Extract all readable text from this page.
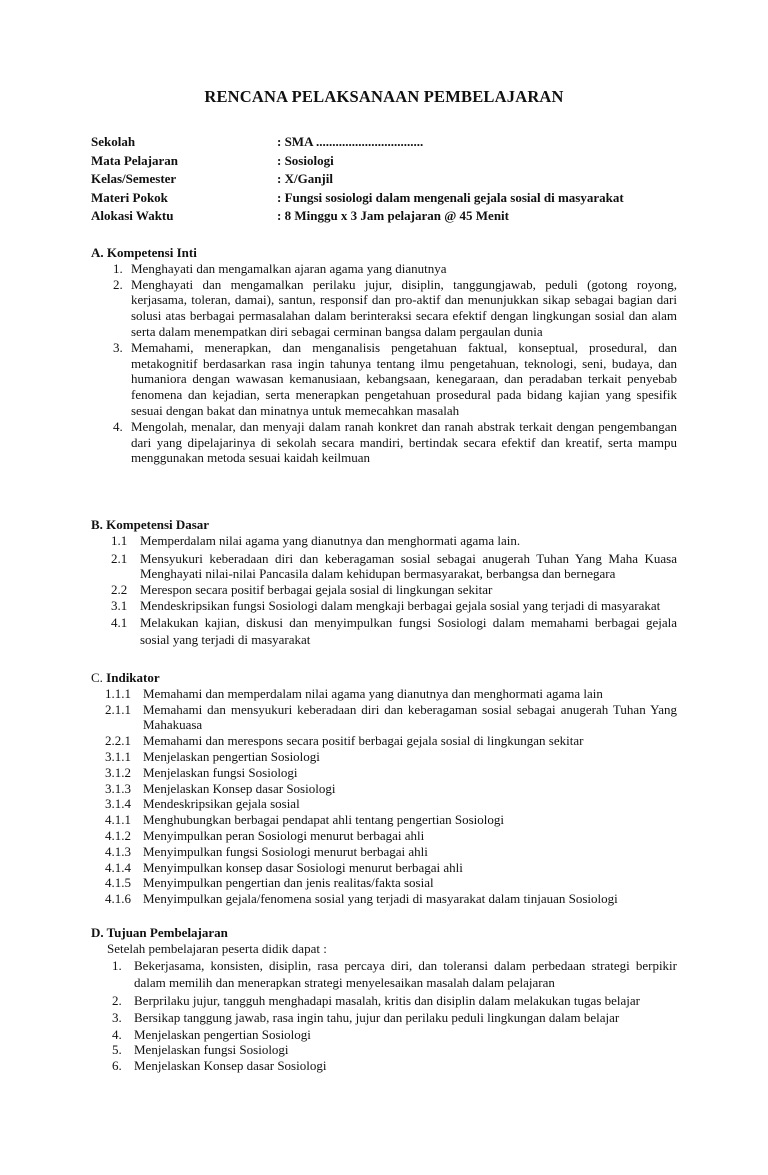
RENCANA PELAKSANAAN PEMBELAJARAN
Sekolah	: SMA .................................
Mata Pelajaran	: Sosiologi
Kelas/Semester	: X/Ganjil
Materi Pokok	: Fungsi sosiologi dalam mengenali gejala sosial di masyarakat
Alokasi Waktu	: 8 Minggu x 3 Jam pelajaran @ 45 Menit
A. Kompetensi Inti
1. Menghayati dan mengamalkan ajaran agama yang dianutnya
2. Menghayati dan mengamalkan perilaku jujur, disiplin, tanggungjawab, peduli (gotong royong, kerjasama, toleran, damai), santun, responsif dan pro-aktif dan menunjukkan sikap sebagai bagian dari solusi atas berbagai permasalahan dalam berinteraksi secara efektif dengan lingkungan sosial dan alam serta dalam menempatkan diri sebagai cerminan bangsa dalam pergaulan dunia
3. Memahami, menerapkan, dan menganalisis pengetahuan faktual, konseptual, prosedural, dan metakognitif berdasarkan rasa ingin tahunya tentang ilmu pengetahuan, teknologi, seni, budaya, dan humaniora dengan wawasan kemanusiaan, kebangsaan, kenegaraan, dan peradaban terkait penyebab fenomena dan kejadian, serta menerapkan pengetahuan prosedural pada bidang kajian yang spesifik sesuai dengan bakat dan minatnya untuk memecahkan masalah
4. Mengolah, menalar, dan menyaji dalam ranah konkret dan ranah abstrak terkait dengan pengembangan dari yang dipelajarinya di sekolah secara mandiri, bertindak secara efektif dan kreatif, serta mampu menggunakan metoda sesuai kaidah keilmuan
B. Kompetensi Dasar
1.1 Memperdalam nilai agama yang dianutnya dan menghormati agama lain.
2.1 Mensyukuri keberadaan diri dan keberagaman sosial sebagai anugerah Tuhan Yang Maha Kuasa Menghayati nilai-nilai Pancasila dalam kehidupan bermasyarakat, berbangsa dan bernegara
2.2 Merespon secara positif berbagai gejala sosial di lingkungan sekitar
3.1 Mendeskripsikan fungsi Sosiologi dalam mengkaji berbagai gejala sosial yang terjadi di masyarakat
4.1 Melakukan kajian, diskusi dan menyimpulkan fungsi Sosiologi dalam memahami berbagai gejala sosial yang terjadi di masyarakat
C. Indikator
1.1.1 Memahami dan memperdalam nilai agama yang dianutnya dan menghormati agama lain
2.1.1 Memahami dan mensyukuri keberadaan diri dan keberagaman sosial sebagai anugerah Tuhan Yang Mahakuasa
2.2.1 Memahami dan merespons secara positif berbagai gejala sosial di lingkungan sekitar
3.1.1 Menjelaskan pengertian Sosiologi
3.1.2 Menjelaskan fungsi Sosiologi
3.1.3 Menjelaskan Konsep dasar Sosiologi
3.1.4 Mendeskripsikan gejala sosial
4.1.1 Menghubungkan berbagai pendapat ahli tentang pengertian Sosiologi
4.1.2 Menyimpulkan peran Sosiologi menurut berbagai ahli
4.1.3 Menyimpulkan fungsi Sosiologi menurut berbagai ahli
4.1.4 Menyimpulkan konsep dasar Sosiologi menurut berbagai ahli
4.1.5 Menyimpulkan pengertian dan jenis realitas/fakta sosial
4.1.6 Menyimpulkan gejala/fenomena sosial yang terjadi di masyarakat dalam tinjauan Sosiologi
D. Tujuan Pembelajaran
Setelah pembelajaran peserta didik dapat :
1. Bekerjasama, konsisten, disiplin, rasa percaya diri, dan toleransi dalam perbedaan strategi berpikir dalam memilih dan menerapkan strategi menyelesaikan masalah dalam pelajaran
2. Berprilaku jujur, tangguh menghadapi masalah, kritis dan disiplin dalam melakukan tugas belajar
3. Bersikap tanggung jawab, rasa ingin tahu, jujur dan perilaku peduli lingkungan dalam belajar
4. Menjelaskan pengertian Sosiologi
5. Menjelaskan fungsi Sosiologi
6. Menjelaskan Konsep dasar Sosiologi
